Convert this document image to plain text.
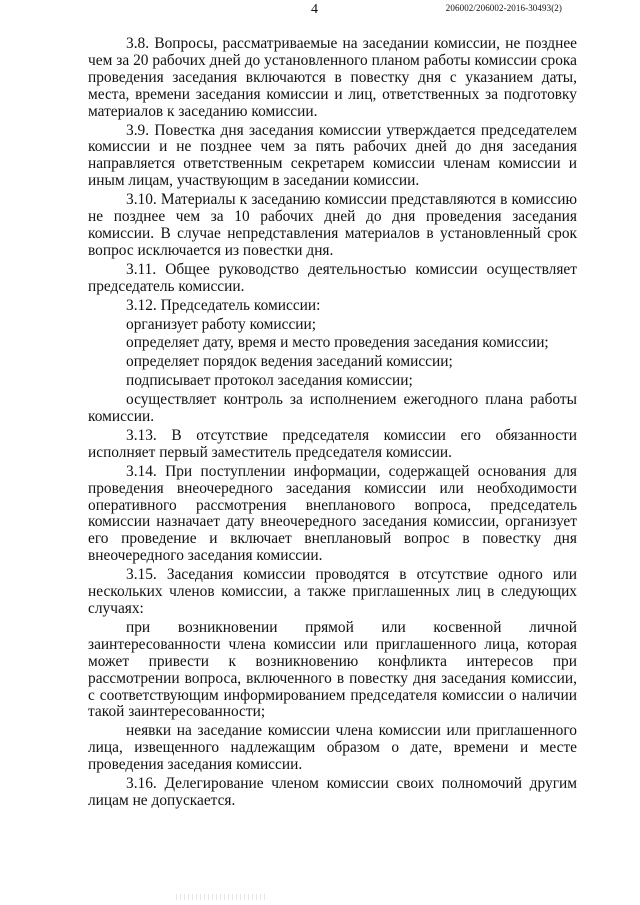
4	206002/206002-2016-30493(2)

3.8. Вопросы, рассматриваемые на заседании комиссии, не позднее чем за 20 рабочих дней до установленного планом работы комиссии срока проведения заседания включаются в повестку дня с указанием даты, места, времени заседания комиссии и лиц, ответственных за подготовку материалов к заседанию комиссии.

3.9. Повестка дня заседания комиссии утверждается председателем комиссии и не позднее чем за пять рабочих дней до дня заседания направляется ответственным секретарем комиссии членам комиссии и иным лицам, участвующим в заседании комиссии.

3.10. Материалы к заседанию комиссии представляются в комиссию не позднее чем за 10 рабочих дней до дня проведения заседания комиссии. В случае непредставления материалов в установленный срок вопрос исключается из повестки дня.

3.11. Общее руководство деятельностью комиссии осуществляет председатель комиссии.

3.12. Председатель комиссии:

организует работу комиссии;

определяет дату, время и место проведения заседания комиссии;

определяет порядок ведения заседаний комиссии;

подписывает протокол заседания комиссии;

осуществляет контроль за исполнением ежегодного плана работы комиссии.

3.13. В отсутствие председателя комиссии его обязанности исполняет первый заместитель председателя комиссии.

3.14. При поступлении информации, содержащей основания для проведения внеочередного заседания комиссии или необходимости оперативного рассмотрения внепланового вопроса, председатель комиссии назначает дату внеочередного заседания комиссии, организует его проведение и включает внеплановый вопрос в повестку дня внеочередного заседания комиссии.

3.15. Заседания комиссии проводятся в отсутствие одного или нескольких членов комиссии, а также приглашенных лиц в следующих случаях:

при возникновении прямой или косвенной личной заинтересованности члена комиссии или приглашенного лица, которая может привести к возникновению конфликта интересов при рассмотрении вопроса, включенного в повестку дня заседания комиссии, с соответствующим информированием председателя комиссии о наличии такой заинтересованности;

неявки на заседание комиссии члена комиссии или приглашенного лица, извещенного надлежащим образом о дате, времени и месте проведения заседания комиссии.

3.16. Делегирование членом комиссии своих полномочий другим лицам не допускается.
